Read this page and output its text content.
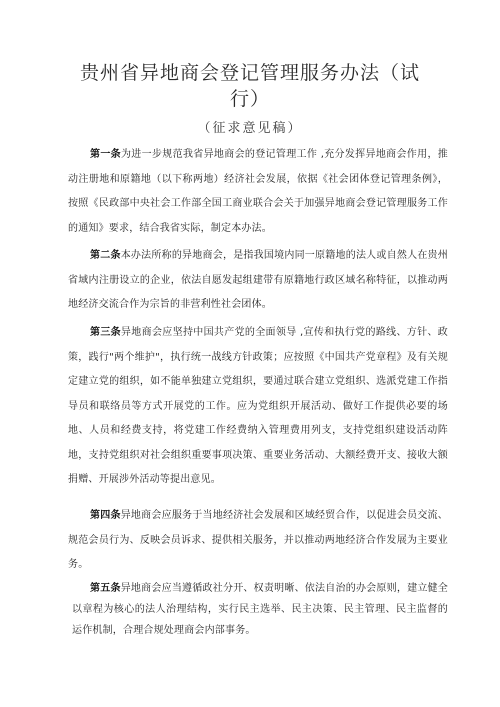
贵州省异地商会登记管理服务办法（试
行）
（征求意见稿）
第一条为进一步规范我省异地商会的登记管理工作 ,充分发挥异地商会作用，推动注册地和原籍地（以下称两地）经济社会发展，依据《社会团体登记管理条例》，按照《民政部中央社会工作部全国工商业联合会关于加强异地商会登记管理服务工作的通知》要求，结合我省实际，制定本办法。
第二条本办法所称的异地商会，是指我国境内同一原籍地的法人或自然人在贵州省域内注册设立的企业，依法自愿发起组建带有原籍地行政区域名称特征，以推动两地经济交流合作为宗旨的非营利性社会团体。
第三条异地商会应坚持中国共产党的全面领导 ,宣传和执行党的路线、方针、政策，践行"两个维护"，执行统一战线方针政策；应按照《中国共产党章程》及有关规定建立党的组织，如不能单独建立党组织，要通过联合建立党组织、选派党建工作指导员和联络员等方式开展党的工作。应为党组织开展活动、做好工作提供必要的场地、人员和经费支持，将党建工作经费纳入管理费用列支，支持党组织建设活动阵地，支持党组织对社会组织重要事项决策、重要业务活动、大额经费开支、接收大额捐赠、开展涉外活动等提出意见。
第四条异地商会应服务于当地经济社会发展和区域经贸合作，以促进会员交流、规范会员行为、反映会员诉求、提供相关服务，并以推动两地经济合作发展为主要业务。
第五条异地商会应当遵循政社分开、权责明晰、依法自治的办会原则，建立健全以章程为核心的法人治理结构，实行民主选举、民主决策、民主管理、民主监督的运作机制，合理合规处理商会内部事务。
